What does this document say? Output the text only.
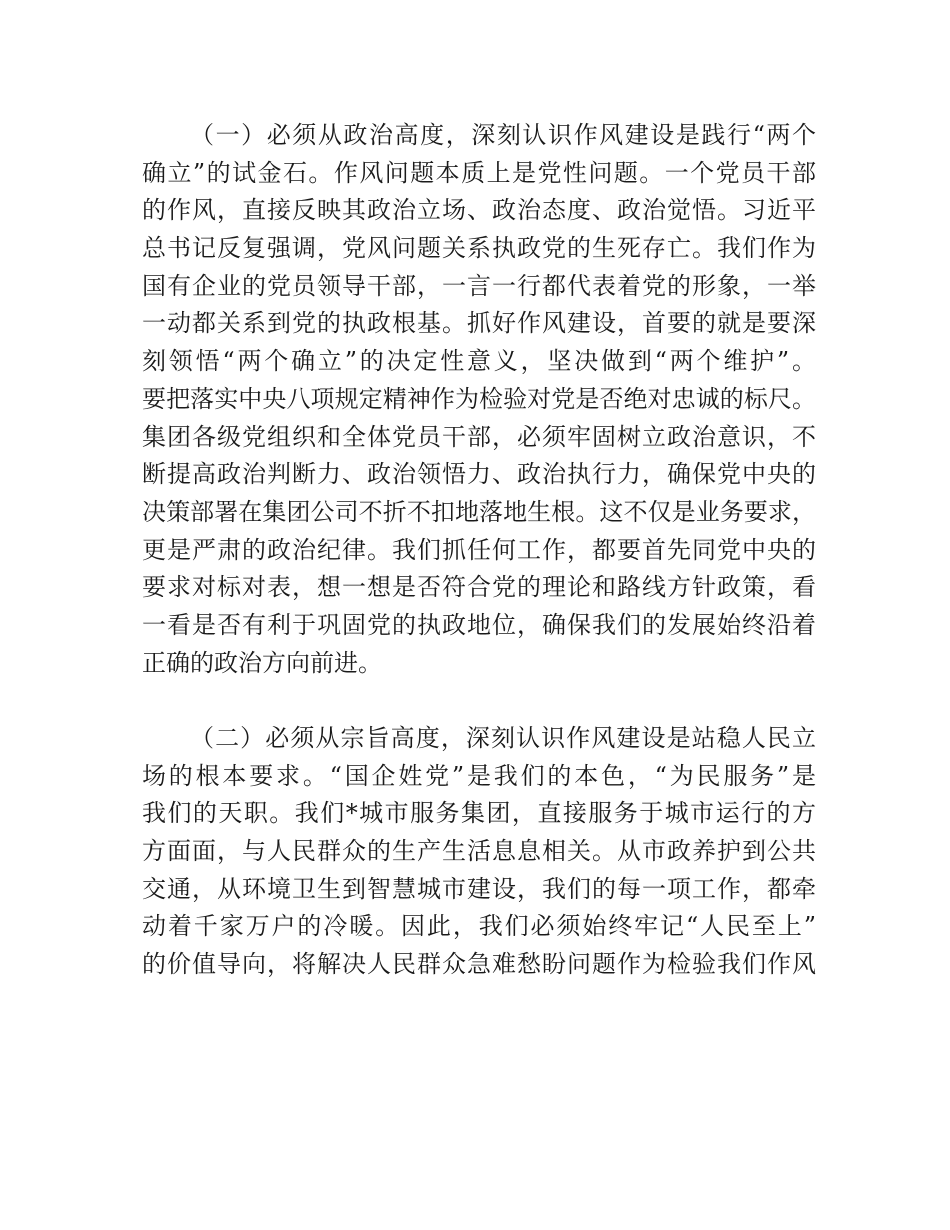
（一）必须从政治高度，深刻认识作风建设是践行“两个
确立”的试金石。作风问题本质上是党性问题。一个党员干部
的作风，直接反映其政治立场、政治态度、政治觉悟。习近平
总书记反复强调，党风问题关系执政党的生死存亡。我们作为
国有企业的党员领导干部，一言一行都代表着党的形象，一举
一动都关系到党的执政根基。抓好作风建设，首要的就是要深
刻领悟“两个确立”的决定性意义，坚决做到“两个维护”。
要把落实中央八项规定精神作为检验对党是否绝对忠诚的标尺。
集团各级党组织和全体党员干部，必须牢固树立政治意识，不
断提高政治判断力、政治领悟力、政治执行力，确保党中央的
决策部署在集团公司不折不扣地落地生根。这不仅是业务要求，
更是严肃的政治纪律。我们抓任何工作，都要首先同党中央的
要求对标对表，想一想是否符合党的理论和路线方针政策，看
一看是否有利于巩固党的执政地位，确保我们的发展始终沿着
正确的政治方向前进。
（二）必须从宗旨高度，深刻认识作风建设是站稳人民立
场的根本要求。“国企姓党”是我们的本色，“为民服务”是
我们的天职。我们*城市服务集团，直接服务于城市运行的方
方面面，与人民群众的生产生活息息相关。从市政养护到公共
交通，从环境卫生到智慧城市建设，我们的每一项工作，都牵
动着千家万户的冷暖。因此，我们必须始终牢记“人民至上”
的价值导向，将解决人民群众急难愁盼问题作为检验我们作风
